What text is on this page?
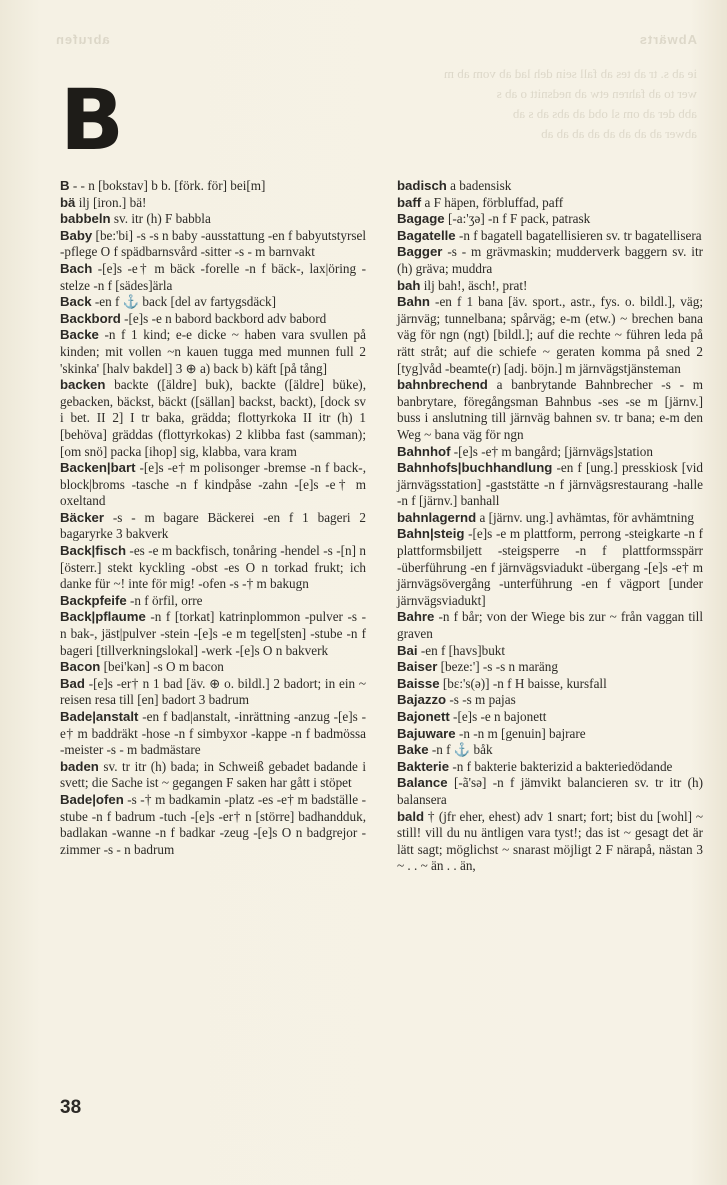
Abwärts
abrufen
ie ab s. tr ab tes ab fall sein deh lad ab vom ab m
wer to ab fahren etw ab nedsnitt o ab s
abb der ab om sl obd ab abs ab s ab
abwer ab ab ab ab ab ab ab ab
B

B - - n [bokstav] b b. [förk. för] bei[m]

bä ilj [iron.] bä!

babbeln sv. itr (h) F babbla

Baby [be:'bi] -s -s n baby -ausstattung -en f babyutstyrsel -pflege O f spädbarnsvård -sitter -s - m barnvakt

Bach -[e]s -e† m bäck -forelle -n f bäck-, lax|öring -stelze -n f [sädes]ärla

Back -en f ⚓ back [del av fartygsdäck]

Backbord -[e]s -e n babord backbord adv babord

Backe -n f 1 kind; e-e dicke ~ haben vara svullen på kinden; mit vollen ~n kauen tugga med munnen full 2 'skinka' [halv bakdel] 3 ⊕ a) back b) käft [på tång]

backen backte ([äldre] buk), backte ([äldre] büke), gebacken, bäckst, bäckt ([sällan] backst, backt), [dock sv i bet. II 2] I tr baka, grädda; flottyrkoka II itr (h) 1 [behöva] gräddas (flottyrkokas) 2 klibba fast (samman); [om snö] packa [ihop] sig, klabba, vara kram

Backen|bart -[e]s -e† m polisonger -bremse -n f back-, block|broms -tasche -n f kindpåse -zahn -[e]s -e† m oxeltand

Bäcker -s - m bagare Bäckerei -en f 1 bageri 2 bagaryrke 3 bakverk

Back|fisch -es -e m backfisch, tonåring -hendel -s -[n] n [österr.] stekt kyckling -obst -es O n torkad frukt; ich danke für ~! inte för mig! -ofen -s -† m bakugn

Backpfeife -n f örfil, orre

Back|pflaume -n f [torkat] katrinplommon -pulver -s - n bak-, jäst|pulver -stein -[e]s -e m tegel[sten] -stube -n f bageri [tillverkningslokal] -werk -[e]s O n bakverk

Bacon [bei'kən] -s O m bacon

Bad -[e]s -er† n 1 bad [äv. ⊕ o. bildl.] 2 badort; in ein ~ reisen resa till [en] badort 3 badrum

Bade|anstalt -en f bad|anstalt, -inrättning -anzug -[e]s -e† m baddräkt -hose -n f simbyxor -kappe -n f badmössa -meister -s - m badmästare

baden sv. tr itr (h) bada; in Schweiß gebadet badande i svett; die Sache ist ~ gegangen F saken har gått i stöpet

Bade|ofen -s -† m badkamin -platz -es -e† m badställe -stube -n f badrum -tuch -[e]s -er† n [större] badhandduk, badlakan -wanne -n f badkar -zeug -[e]s O n badgrejor -zimmer -s - n badrum

badisch a badensisk

baff a F häpen, förbluffad, paff

Bagage [-a:'ʒə] -n f F pack, patrask

Bagatelle -n f bagatell bagatellisieren sv. tr bagatellisera

Bagger -s - m grävmaskin; mudderverk baggern sv. itr (h) gräva; muddra

bah ilj bah!, äsch!, prat!

Bahn -en f 1 bana [äv. sport., astr., fys. o. bildl.], väg; järnväg; tunnelbana; spårväg; e-m (etw.) ~ brechen bana väg för ngn (ngt) [bildl.]; auf die rechte ~ führen leda på rätt stråt; auf die schiefe ~ geraten komma på sned 2 [tyg]våd -beamte(r) [adj. böjn.] m järnvägstjänsteman

bahnbrechend a banbrytande Bahnbrecher -s - m banbrytare, föregångsman Bahnbus -ses -se m [järnv.] buss i anslutning till järnväg bahnen sv. tr bana; e-m den Weg ~ bana väg för ngn

Bahnhof -[e]s -e† m bangård; [järnvägs]station

Bahnhofs|buchhandlung -en f [ung.] presskiosk [vid järnvägsstation] -gaststätte -n f järnvägsrestaurang -halle -n f [järnv.] banhall

bahnlagernd a [järnv. ung.] avhämtas, för avhämtning

Bahn|steig -[e]s -e m plattform, perrong -steigkarte -n f plattformsbiljett -steigsperre -n f plattformsspärr -überführung -en f järnvägsviadukt -übergang -[e]s -e† m järnvägsövergång -unterführung -en f vägport [under järnvägsviadukt]

Bahre -n f bår; von der Wiege bis zur ~ från vaggan till graven

Bai -en f [havs]bukt

Baiser [beze:'] -s -s n maräng

Baisse [bɛ:'s(ə)] -n f H baisse, kursfall

Bajazzo -s -s m pajas

Bajonett -[e]s -e n bajonett

Bajuware -n -n m [genuin] bajrare

Bake -n f ⚓ båk

Bakterie -n f bakterie bakterizid a bakteriedödande

Balance [-ã'sə] -n f jämvikt balancieren sv. tr itr (h) balansera

bald † (jfr eher, ehest) adv 1 snart; fort; bist du [wohl] ~ still! vill du nu äntligen vara tyst!; das ist ~ gesagt det är lätt sagt; möglichst ~ snarast möjligt 2 F närapå, nästan 3 ~ . . ~ än . . än,

38
